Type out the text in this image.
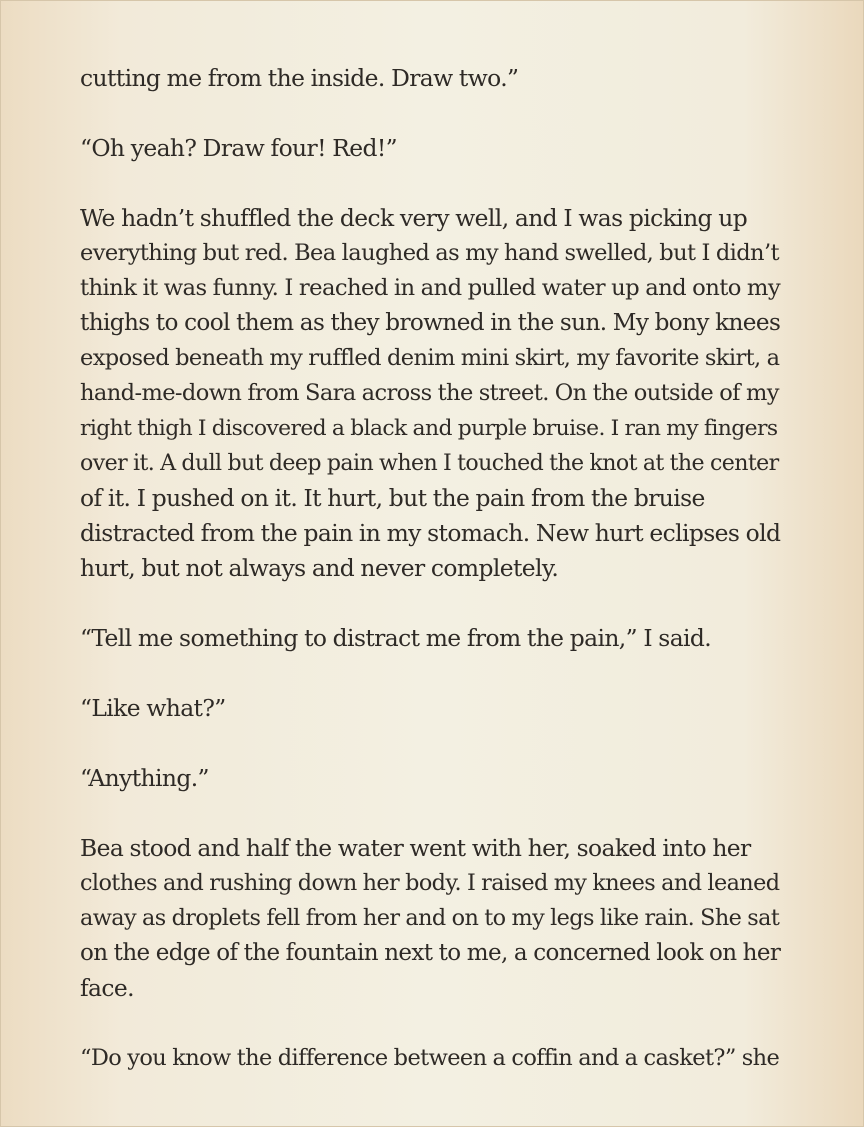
cutting me from the inside. Draw two.”

“Oh yeah? Draw four! Red!”

We hadn’t shuffled the deck very well, and I was picking up
everything but red. Bea laughed as my hand swelled, but I didn’t
think it was funny. I reached in and pulled water up and onto my
thighs to cool them as they browned in the sun. My bony knees
exposed beneath my ruffled denim mini skirt, my favorite skirt, a
hand-me-down from Sara across the street. On the outside of my
right thigh I discovered a black and purple bruise. I ran my fingers
over it. A dull but deep pain when I touched the knot at the center
of it. I pushed on it. It hurt, but the pain from the bruise
distracted from the pain in my stomach. New hurt eclipses old
hurt, but not always and never completely.

“Tell me something to distract me from the pain,” I said.

“Like what?”

“Anything.”

Bea stood and half the water went with her, soaked into her
clothes and rushing down her body. I raised my knees and leaned
away as droplets fell from her and on to my legs like rain. She sat
on the edge of the fountain next to me, a concerned look on her
face.

“Do you know the difference between a coffin and a casket?” she
